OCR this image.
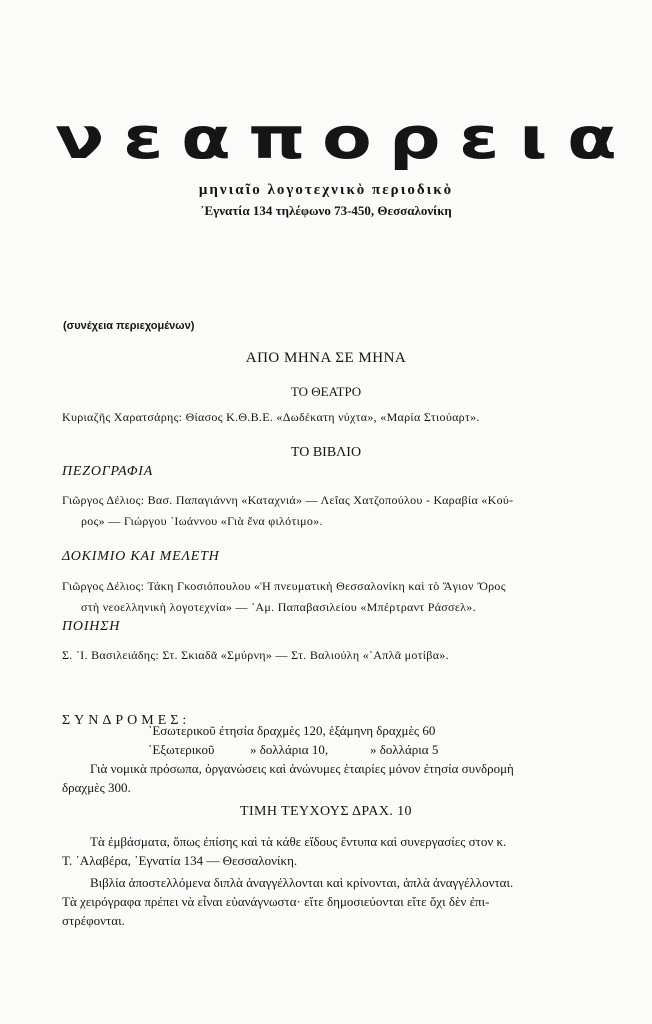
ν ε α π ο ρ ε ι α
μηνιαῖο λογοτεχνικὸ περιοδικὸ
᾿Εγνατία 134 τηλέφωνο 73-450, Θεσσαλονίκη
(συνέχεια περιεχομένων)
ΑΠΟ ΜΗΝΑ ΣΕ ΜΗΝΑ
ΤΟ ΘΕΑΤΡΟ
Κυριαζῆς Χαρατσάρης: Θίασος Κ.Θ.Β.Ε. «Δωδέκατη νύχτα», «Μαρία Στιούαρτ».
ΤΟ ΒΙΒΛΙΟ
ΠΕΖΟΓΡΑΦΙΑ
Γιῶργος Δέλιος: Βασ. Παπαγιάννη «Καταχνιά» — Λεΐας Χατζοπούλου - Καραβία «Κού-
ρος» — Γιώργου ᾿Ιωάννου «Γιὰ ἕνα φιλότιμο».
ΔΟΚΙΜΙΟ ΚΑΙ ΜΕΛΕΤΗ
Γιῶργος Δέλιος: Τάκη Γκοσιόπουλου «Ἡ πνευματικὴ Θεσσαλονίκη καὶ τὸ Ἅγιον Ὄρος
στὴ νεοελληνικὴ λογοτεχνία» — ᾿Αμ. Παπαβασιλείου «Μπέρτραντ Ράσσελ».
ΠΟΙΗΣΗ
Σ. ᾿Ι. Βασιλειάδης: Στ. Σκιαδᾶ «Σμύρνη» — Στ. Βαλιούλη «῾Απλᾶ μοτίβα».
ΣΥΝΔΡΟΜΕΣ:
᾿Εσωτερικοῦ ἐτησία δραχμὲς 120, ἑξάμηνη δραχμὲς 60
᾿Εξωτερικοῦ	» δολλάρια 10,	» δολλάρια 5
Γιὰ νομικὰ πρόσωπα, ὀργανώσεις καὶ ἀνώνυμες ἑταιρίες μόνον ἐτησία συνδρομὴ
δραχμὲς 300.
ΤΙΜΗ ΤΕΥΧΟΥΣ ΔΡΑΧ. 10
Τὰ ἐμβάσματα, ὅπως ἐπίσης καὶ τὰ κάθε εἴδους ἔντυπα καὶ συνεργασίες στον κ.
Τ. ᾿Αλαβέρα, ᾿Εγνατία 134 — Θεσσαλονίκη.
Βιβλία ἀποστελλόμενα διπλὰ ἀναγγέλλονται καὶ κρίνονται, ἁπλὰ ἀναγγέλλονται.
Τὰ χειρόγραφα πρέπει νὰ εἶναι εὐανάγνωστα· εἴτε δημοσιεύονται εἴτε ὄχι δὲν ἐπι-
στρέφονται.
